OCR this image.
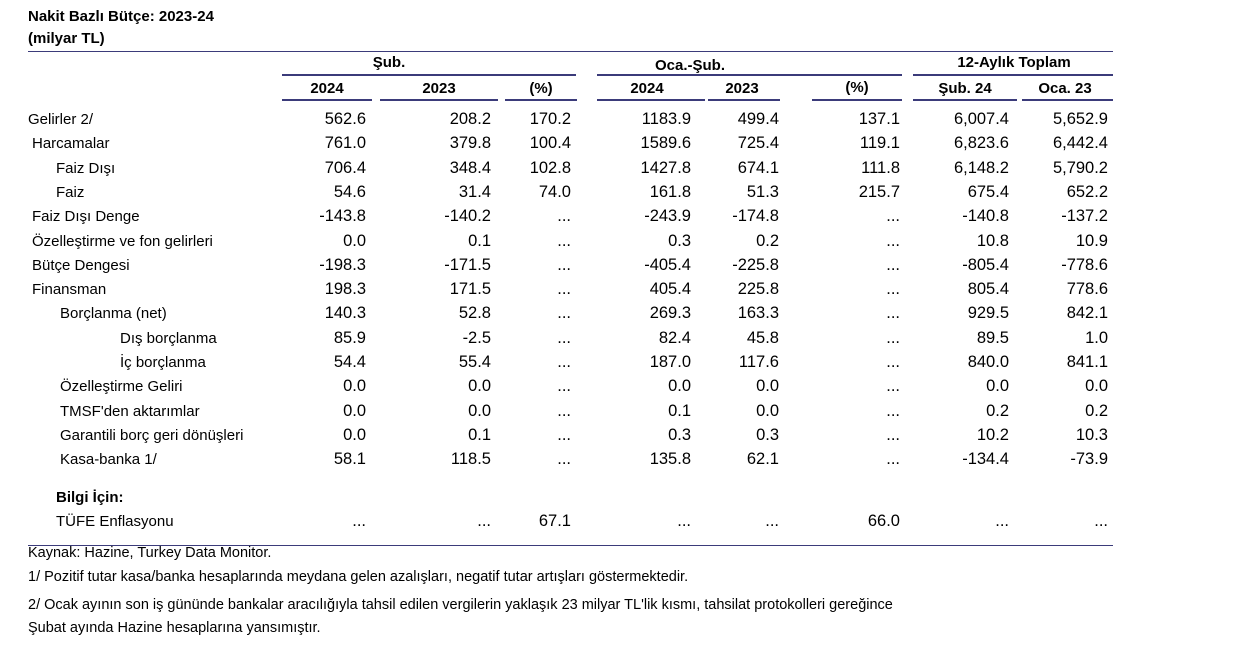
Nakit Bazlı Bütçe: 2023-24
(milyar TL)
Şub.	Oca.-Şub.	12-Aylık Toplam
2024	2023	(%)	2024	2023	(%)	Şub. 24	Oca. 23
Gelirler 2/	562.6	208.2	170.2	1183.9	499.4	137.1	6,007.4	5,652.9
Harcamalar	761.0	379.8	100.4	1589.6	725.4	119.1	6,823.6	6,442.4
Faiz Dışı	706.4	348.4	102.8	1427.8	674.1	111.8	6,148.2	5,790.2
Faiz	54.6	31.4	74.0	161.8	51.3	215.7	675.4	652.2
Faiz Dışı Denge	-143.8	-140.2	...	-243.9	-174.8	...	-140.8	-137.2
Özelleştirme ve fon gelirleri	0.0	0.1	...	0.3	0.2	...	10.8	10.9
Bütçe Dengesi	-198.3	-171.5	...	-405.4	-225.8	...	-805.4	-778.6
Finansman	198.3	171.5	...	405.4	225.8	...	805.4	778.6
Borçlanma (net)	140.3	52.8	...	269.3	163.3	...	929.5	842.1
Dış borçlanma	85.9	-2.5	...	82.4	45.8	...	89.5	1.0
İç borçlanma	54.4	55.4	...	187.0	117.6	...	840.0	841.1
Özelleştirme Geliri	0.0	0.0	...	0.0	0.0	...	0.0	0.0
TMSF'den aktarımlar	0.0	0.0	...	0.1	0.0	...	0.2	0.2
Garantili borç geri dönüşleri	0.0	0.1	...	0.3	0.3	...	10.2	10.3
Kasa-banka 1/	58.1	118.5	...	135.8	62.1	...	-134.4	-73.9
Bilgi İçin:
TÜFE Enflasyonu	...	...	67.1	...	...	66.0	...	...
Kaynak: Hazine, Turkey Data Monitor.
1/ Pozitif tutar kasa/banka hesaplarında meydana gelen azalışları, negatif tutar artışları göstermektedir.
2/ Ocak ayının son iş gününde bankalar aracılığıyla tahsil edilen vergilerin yaklaşık 23 milyar TL'lik kısmı, tahsilat protokolleri gereğince
Şubat ayında Hazine hesaplarına yansımıştır.
